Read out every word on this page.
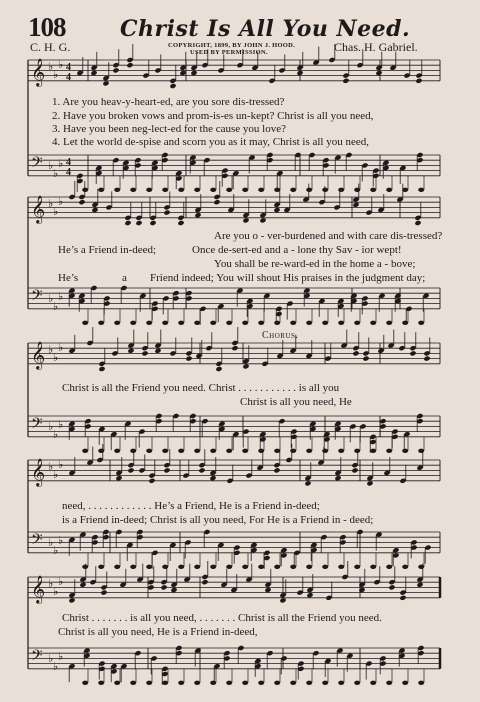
108 Christ Is All You Need.
C. H. G.	COPYRIGHT, 1899, BY JOHN J. HOOD.
USED BY PERMISSION.	Chas. H. Gabriel.
𝄞 ♭
♭
♭ 4
4
𝄢 ♭
♭
♭ 4
4
𝄞 ♭
♭
♭
𝄢 ♭
♭
♭
𝄞 ♭
♭
♭
𝄢 ♭
♭
♭
𝄞 ♭
♭
♭
𝄢 ♭
♭
♭
𝄞 ♭
♭
♭
𝄢 ♭
♭
♭
1. Are you heav-y-heart-ed, are you sore dis-tressed?
2. Have you broken vows and prom-is-es un-kept? Christ is all you need,
3. Have you been neg-lect-ed for the cause you love?
4. Let the world de-spise and scorn you as it may, Christ is all you need,
Are you o - ver-burdened and with care dis-tressed?
He’s a Friend in-deed;	Once de-sert-ed and a - lone thy Sav - ior wept!
You shall be re-ward-ed in the home a - bove;
He’s	a Friend indeed; You will shout His praises in the judgment day;
Chorus.
Christ is all the Friend you need. Christ . . . . . . . . . . . is all you
Christ is all you need, He
need, . . . . . . . . . . . . He’s a Friend, He is a Friend in-deed;
is a Friend in-deed; Christ is all you need, For He is a Friend in - deed;
Christ . . . . . . . is all you need, . . . . . . . Christ is all the Friend you need.
Christ is all you need, He is a Friend in-deed,
